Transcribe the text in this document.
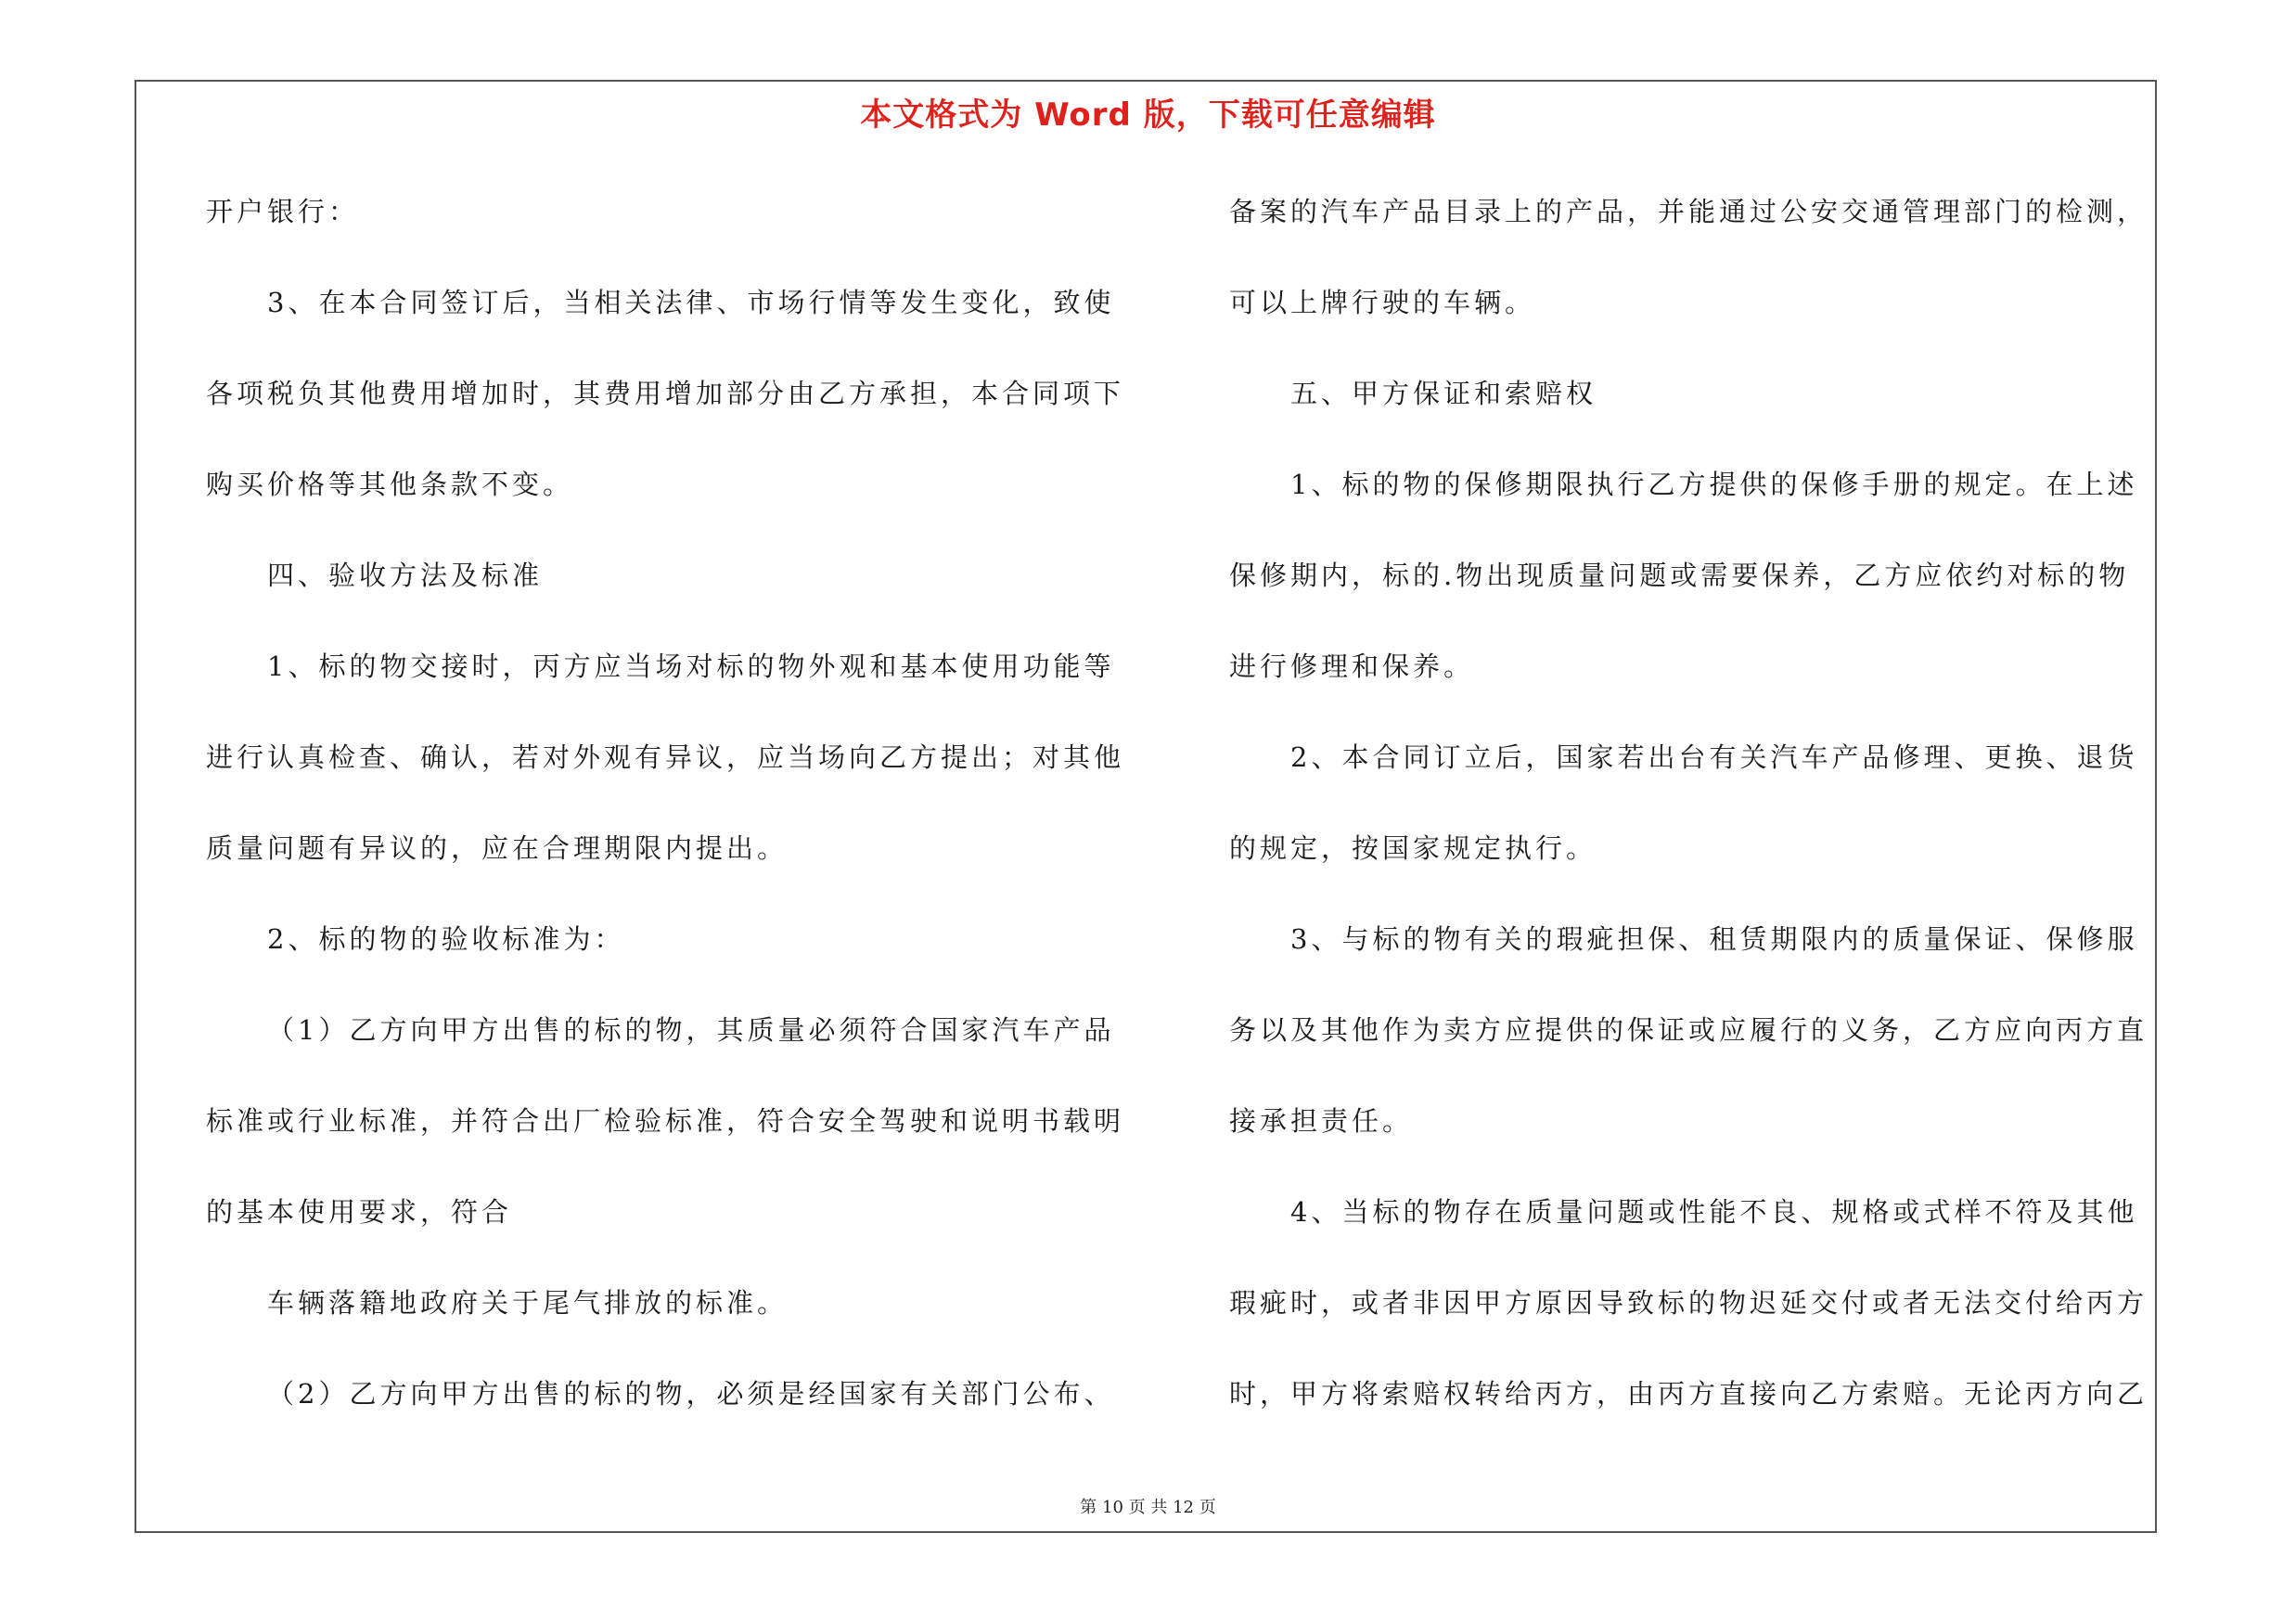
本文格式为 Word 版，下载可任意编辑
开户银行：
3、在本合同签订后，当相关法律、市场行情等发生变化，致使
各项税负其他费用增加时，其费用增加部分由乙方承担，本合同项下
购买价格等其他条款不变。
四、验收方法及标准
1、标的物交接时，丙方应当场对标的物外观和基本使用功能等
进行认真检查、确认，若对外观有异议，应当场向乙方提出；对其他
质量问题有异议的，应在合理期限内提出。
2、标的物的验收标准为：
（1）乙方向甲方出售的标的物，其质量必须符合国家汽车产品
标准或行业标准，并符合出厂检验标准，符合安全驾驶和说明书载明
的基本使用要求，符合
车辆落籍地政府关于尾气排放的标准。
（2）乙方向甲方出售的标的物，必须是经国家有关部门公布、
备案的汽车产品目录上的产品，并能通过公安交通管理部门的检测，
可以上牌行驶的车辆。
五、甲方保证和索赔权
1、标的物的保修期限执行乙方提供的保修手册的规定。在上述
保修期内，标的.物出现质量问题或需要保养，乙方应依约对标的物
进行修理和保养。
2、本合同订立后，国家若出台有关汽车产品修理、更换、退货
的规定，按国家规定执行。
3、与标的物有关的瑕疵担保、租赁期限内的质量保证、保修服
务以及其他作为卖方应提供的保证或应履行的义务，乙方应向丙方直
接承担责任。
4、当标的物存在质量问题或性能不良、规格或式样不符及其他
瑕疵时，或者非因甲方原因导致标的物迟延交付或者无法交付给丙方
时，甲方将索赔权转给丙方，由丙方直接向乙方索赔。无论丙方向乙
第 10 页 共 12 页
